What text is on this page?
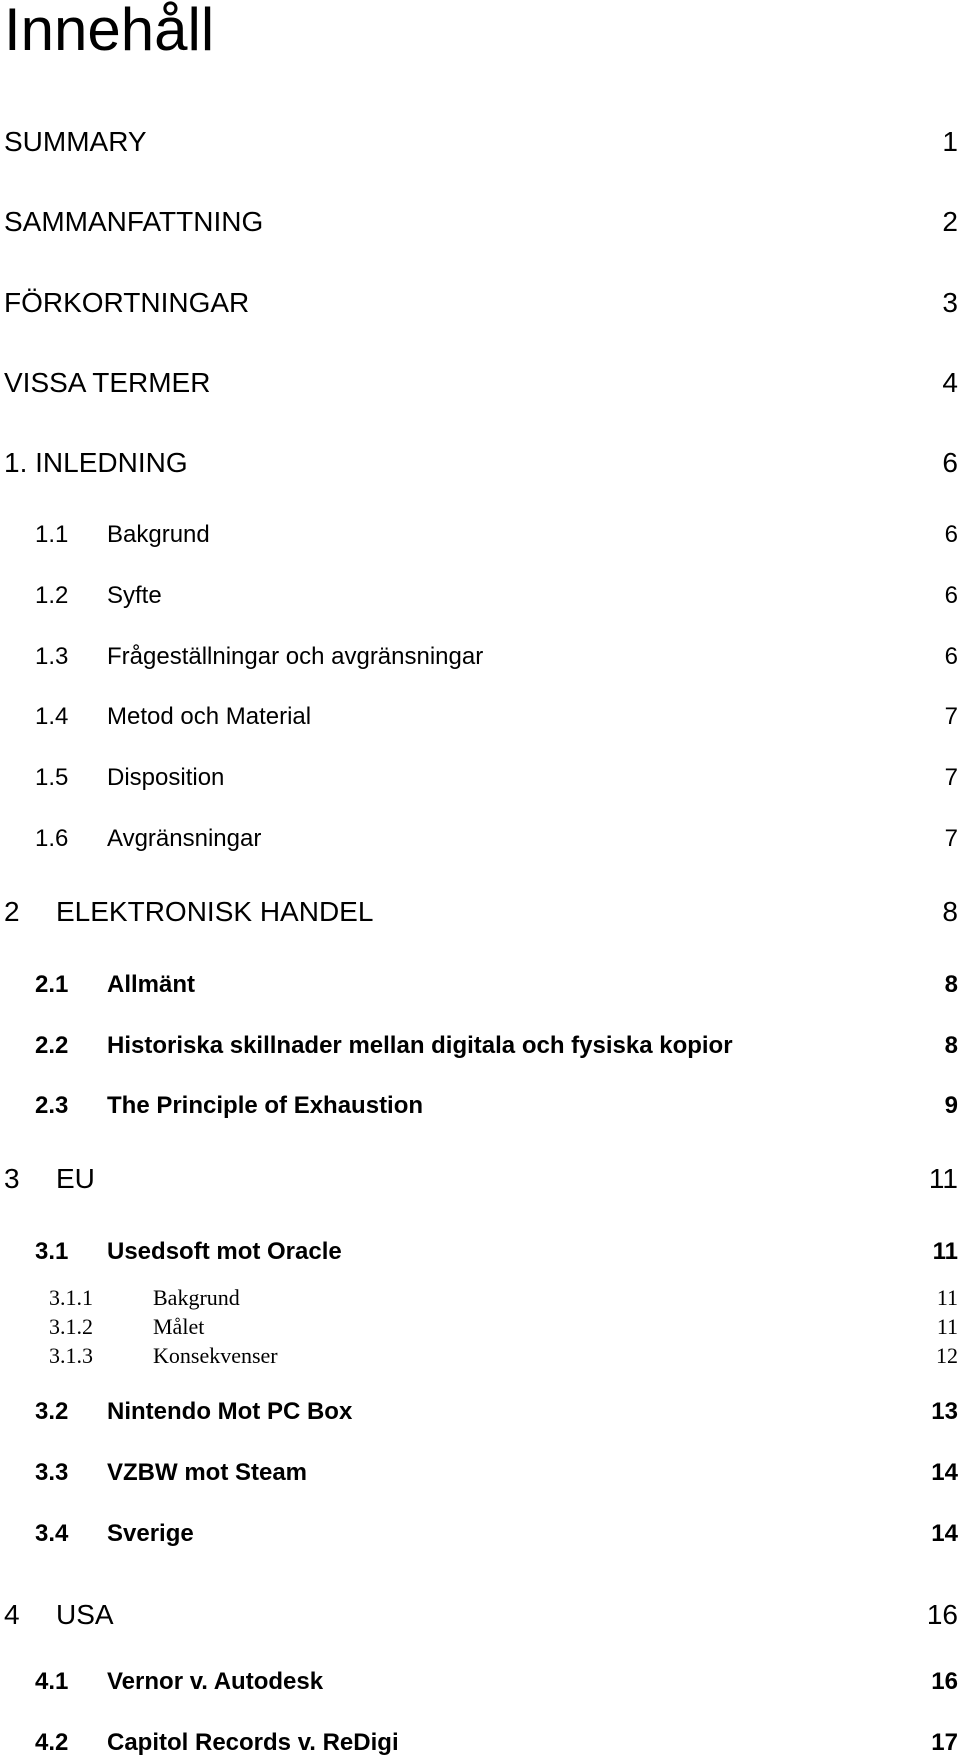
Innehåll
SUMMARY	1
SAMMANFATTNING	2
FÖRKORTNINGAR	3
VISSA TERMER	4
1. INLEDNING	6
1.1	Bakgrund	6
1.2	Syfte	6
1.3	Frågeställningar och avgränsningar	6
1.4	Metod och Material	7
1.5	Disposition	7
1.6	Avgränsningar	7
2	ELEKTRONISK HANDEL	8
2.1	Allmänt	8
2.2	Historiska skillnader mellan digitala och fysiska kopior	8
2.3	The Principle of Exhaustion	9
3	EU	11
3.1	Usedsoft mot Oracle	11
3.1.1	Bakgrund	11
3.1.2	Målet	11
3.1.3	Konsekvenser	12
3.2	Nintendo Mot PC Box	13
3.3	VZBW mot Steam	14
3.4	Sverige	14
4	USA	16
4.1	Vernor v. Autodesk	16
4.2	Capitol Records v. ReDigi	17
